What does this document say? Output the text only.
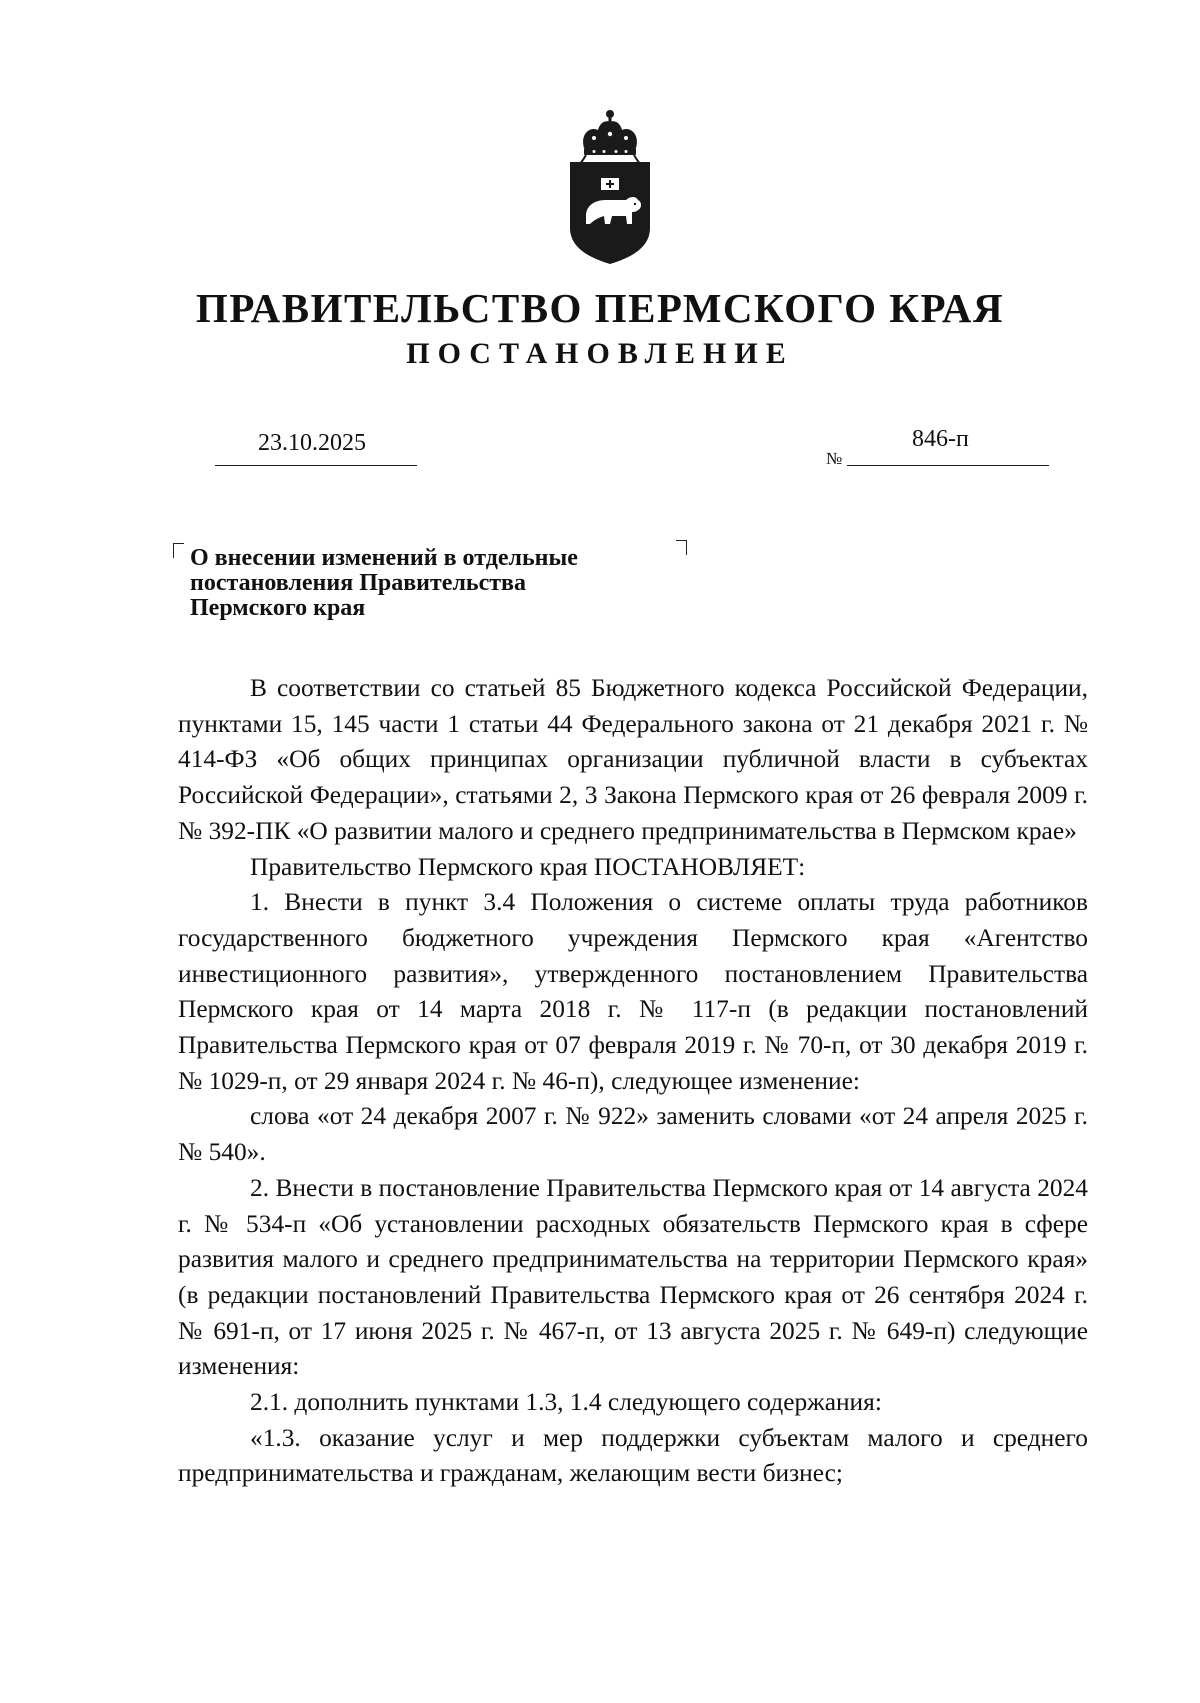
ПРАВИТЕЛЬСТВО ПЕРМСКОГО КРАЯ
ПОСТАНОВЛЕНИЕ
23.10.2025
№
846-п
О внесении изменений в отдельные
постановления Правительства
Пермского края

В соответствии со статьей 85 Бюджетного кодекса Российской Федерации, пунктами 15, 145 части 1 статьи 44 Федерального закона от 21 декабря 2021 г. № 414-ФЗ «Об общих принципах организации публичной власти в субъектах Российской Федерации», статьями 2, 3 Закона Пермского края от 26 февраля 2009 г. № 392-ПК «О развитии малого и среднего предпринимательства в Пермском крае»

Правительство Пермского края ПОСТАНОВЛЯЕТ:

1. Внести в пункт 3.4 Положения о системе оплаты труда работников государственного бюджетного учреждения Пермского края «Агентство инвестиционного развития», утвержденного постановлением Правительства Пермского края от 14 марта 2018 г. № 117-п (в редакции постановлений Правительства Пермского края от 07 февраля 2019 г. № 70-п, от 30 декабря 2019 г. № 1029-п, от 29 января 2024 г. № 46-п), следующее изменение:

слова «от 24 декабря 2007 г. № 922» заменить словами «от 24 апреля 2025 г. № 540».

2. Внести в постановление Правительства Пермского края от 14 августа 2024 г. № 534-п «Об установлении расходных обязательств Пермского края в сфере развития малого и среднего предпринимательства на территории Пермского края» (в редакции постановлений Правительства Пермского края от 26 сентября 2024 г. № 691-п, от 17 июня 2025 г. № 467-п, от 13 августа 2025 г. № 649-п) следующие изменения:

2.1. дополнить пунктами 1.3, 1.4 следующего содержания:

«1.3. оказание услуг и мер поддержки субъектам малого и среднего предпринимательства и гражданам, желающим вести бизнес;
